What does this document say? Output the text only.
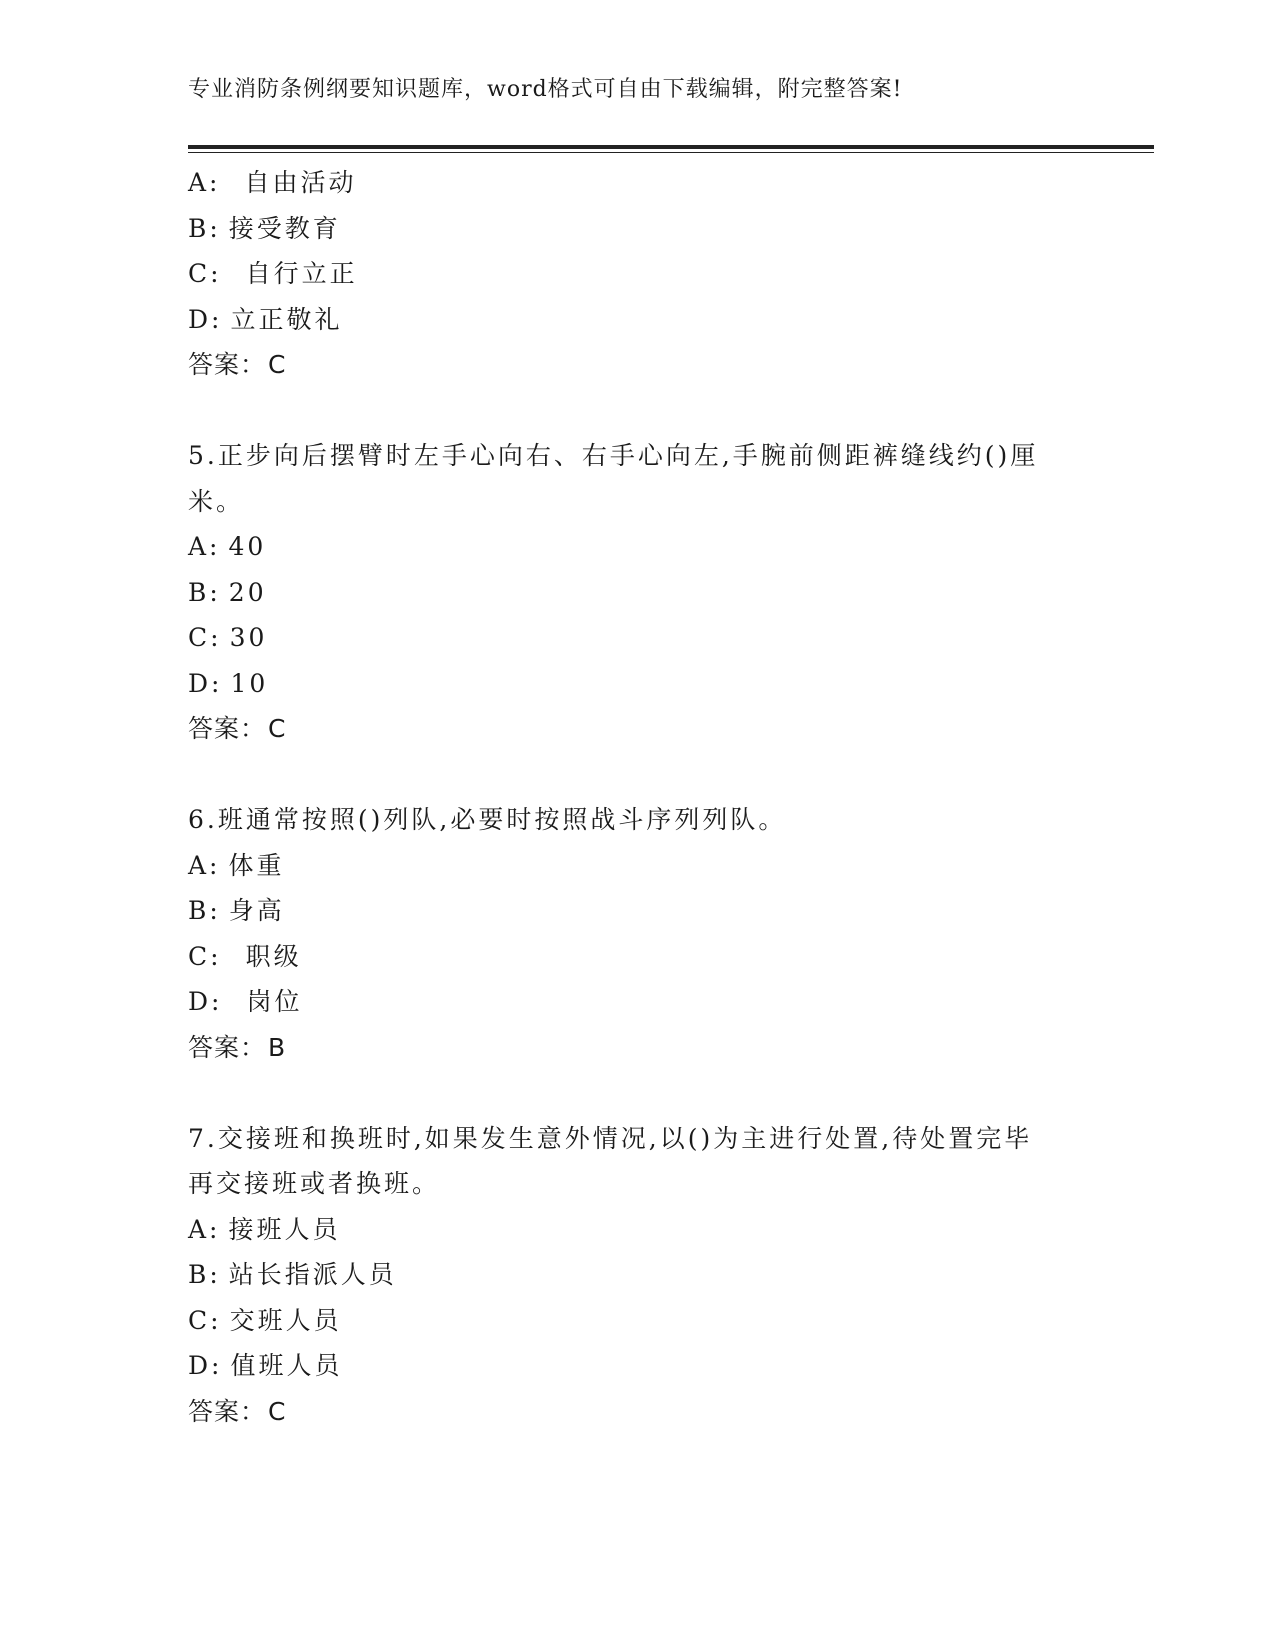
专业消防条例纲要知识题库，word格式可自由下载编辑，附完整答案!
A: 自由活动
B: 接受教育
C: 自行立正
D: 立正敬礼
答案：C
5.正步向后摆臂时左手心向右、右手心向左,手腕前侧距裤缝线约()厘
米。
A: 40
B: 20
C: 30
D: 10
答案：C
6.班通常按照()列队,必要时按照战斗序列列队。
A: 体重
B: 身高
C: 职级
D: 岗位
答案：B
7.交接班和换班时,如果发生意外情况,以()为主进行处置,待处置完毕
再交接班或者换班。
A: 接班人员
B: 站长指派人员
C: 交班人员
D: 值班人员
答案：C
